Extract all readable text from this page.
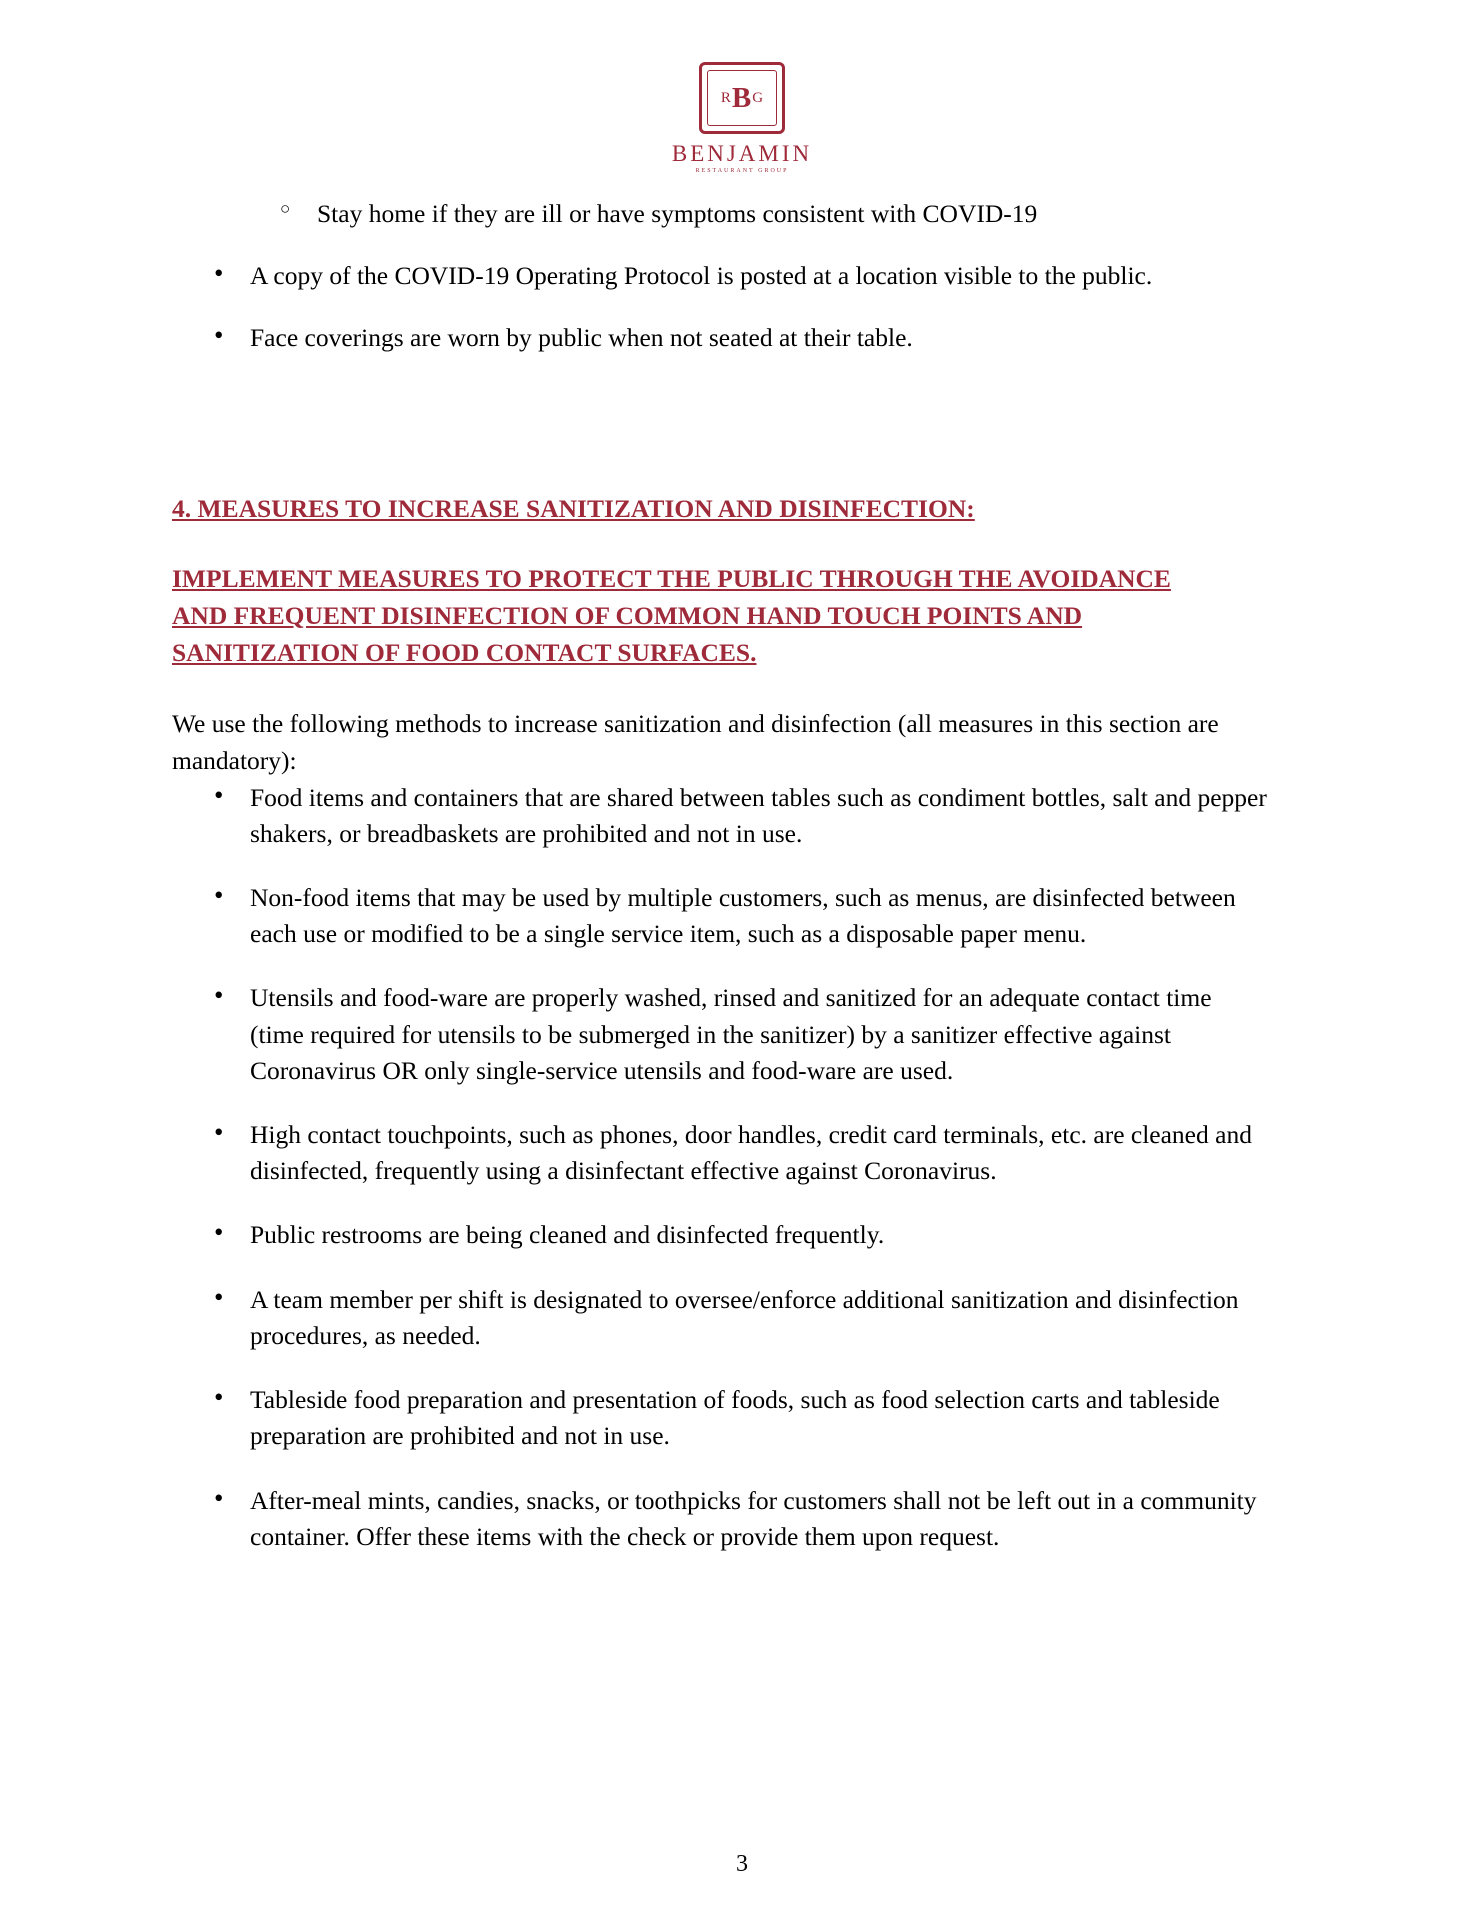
R B G
BENJAMIN
RESTAURANT GROUP
○ Stay home if they are ill or have symptoms consistent with COVID-19
• A copy of the COVID-19 Operating Protocol is posted at a location visible to the public.
• Face coverings are worn by public when not seated at their table.
4. MEASURES TO INCREASE SANITIZATION AND DISINFECTION:
IMPLEMENT MEASURES TO PROTECT THE PUBLIC THROUGH THE AVOIDANCE AND FREQUENT DISINFECTION OF COMMON HAND TOUCH POINTS AND SANITIZATION OF FOOD CONTACT SURFACES.
We use the following methods to increase sanitization and disinfection (all measures in this section are mandatory):
• Food items and containers that are shared between tables such as condiment bottles, salt and pepper shakers, or breadbaskets are prohibited and not in use.
• Non-food items that may be used by multiple customers, such as menus, are disinfected between each use or modified to be a single service item, such as a disposable paper menu.
• Utensils and food-ware are properly washed, rinsed and sanitized for an adequate contact time (time required for utensils to be submerged in the sanitizer) by a sanitizer effective against Coronavirus OR only single-service utensils and food-ware are used.
• High contact touchpoints, such as phones, door handles, credit card terminals, etc. are cleaned and disinfected, frequently using a disinfectant effective against Coronavirus.
• Public restrooms are being cleaned and disinfected frequently.
• A team member per shift is designated to oversee/enforce additional sanitization and disinfection procedures, as needed.
• Tableside food preparation and presentation of foods, such as food selection carts and tableside preparation are prohibited and not in use.
• After-meal mints, candies, snacks, or toothpicks for customers shall not be left out in a community container. Offer these items with the check or provide them upon request.
3
